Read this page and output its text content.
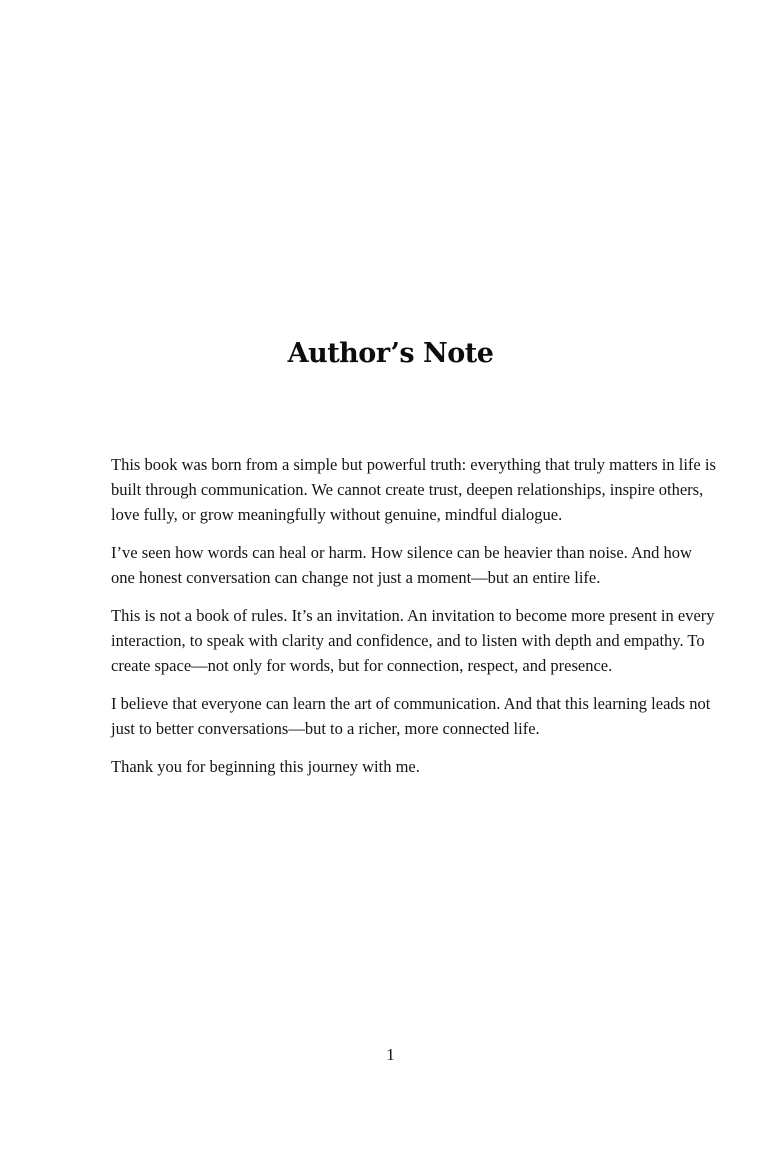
Author’s Note

This book was born from a simple but powerful truth: everything that truly matters in life is built through communication. We cannot create trust, deepen relationships, inspire others, love fully, or grow meaningfully without genuine, mindful dialogue.

I’ve seen how words can heal or harm. How silence can be heavier than noise. And how one honest conversation can change not just a moment—but an entire life.

This is not a book of rules. It’s an invitation. An invitation to become more present in every interaction, to speak with clarity and confidence, and to listen with depth and empathy. To create space—not only for words, but for connection, respect, and presence.

I believe that everyone can learn the art of communication. And that this learning leads not just to better conversations—but to a richer, more connected life.

Thank you for beginning this journey with me.

1
